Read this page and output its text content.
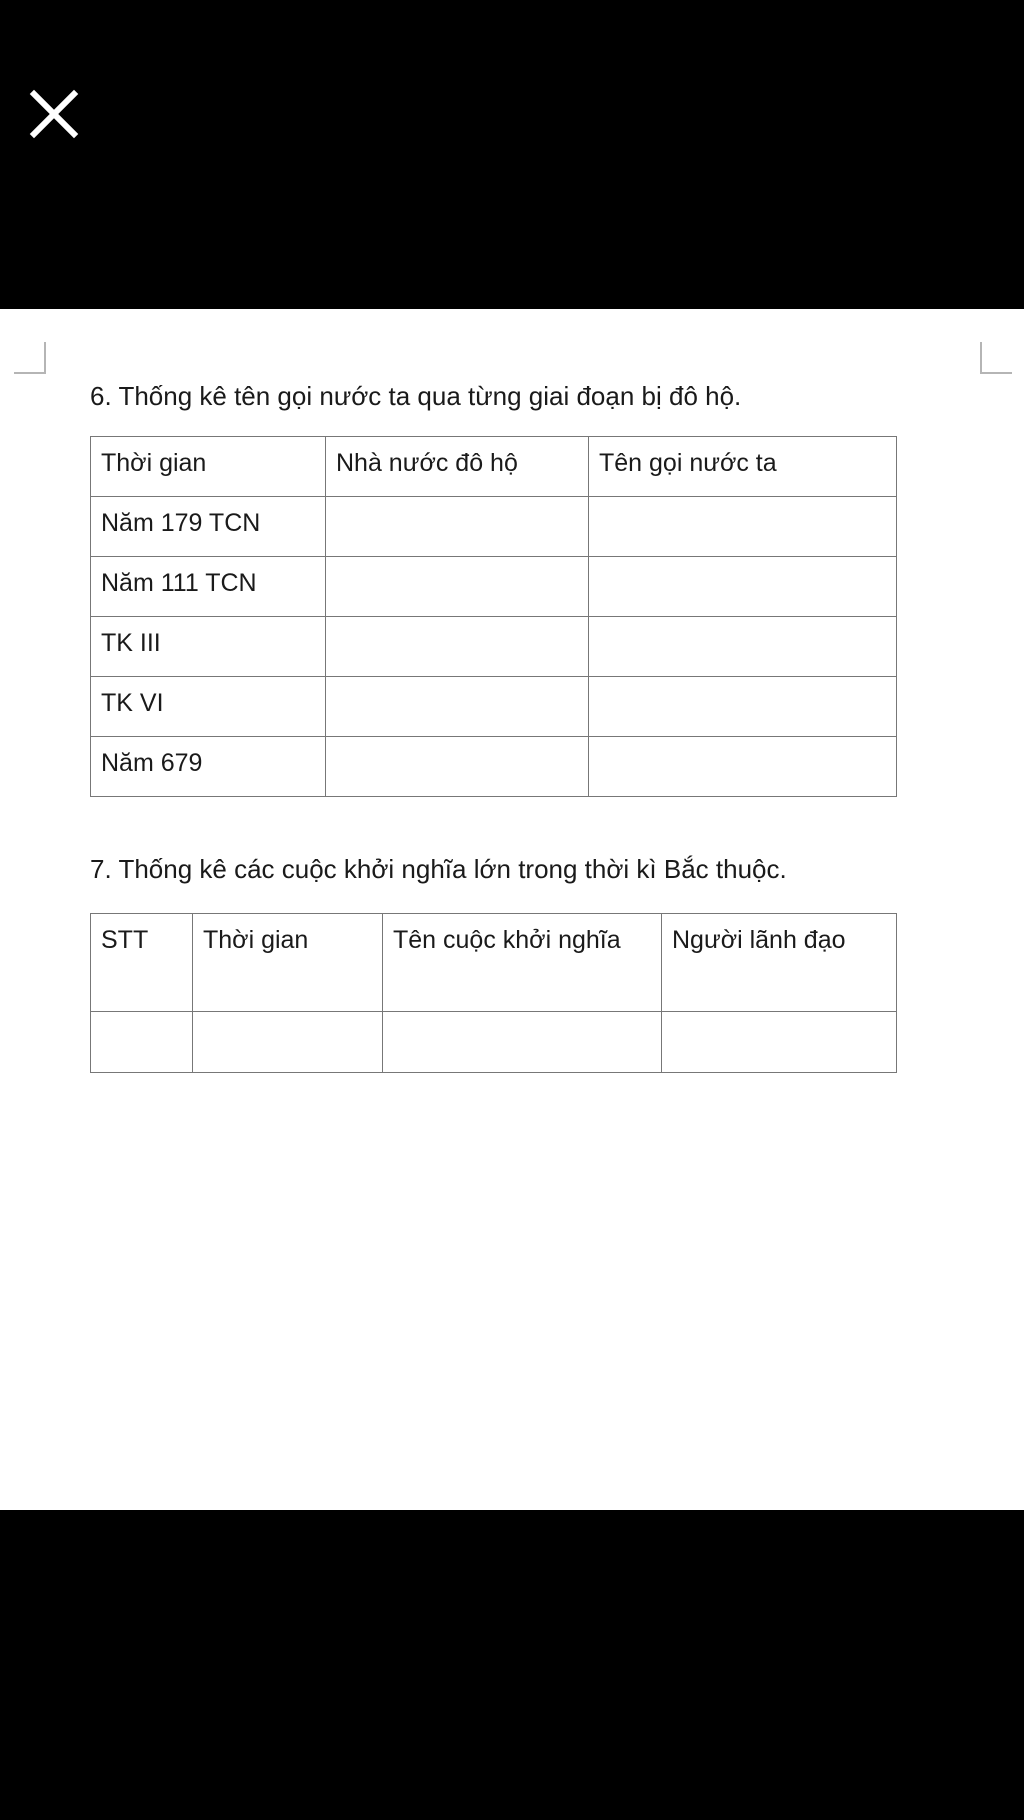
6. Thống kê tên gọi nước ta qua từng giai đoạn bị đô hộ.

Thời gian	Nhà nước đô hộ	Tên gọi nước ta
Năm 179 TCN		
Năm 111 TCN		
TK III		
TK VI		
Năm 679		

7. Thống kê các cuộc khởi nghĩa lớn trong thời kì Bắc thuộc.

STT	Thời gian	Tên cuộc khởi nghĩa	Người lãnh đạo
